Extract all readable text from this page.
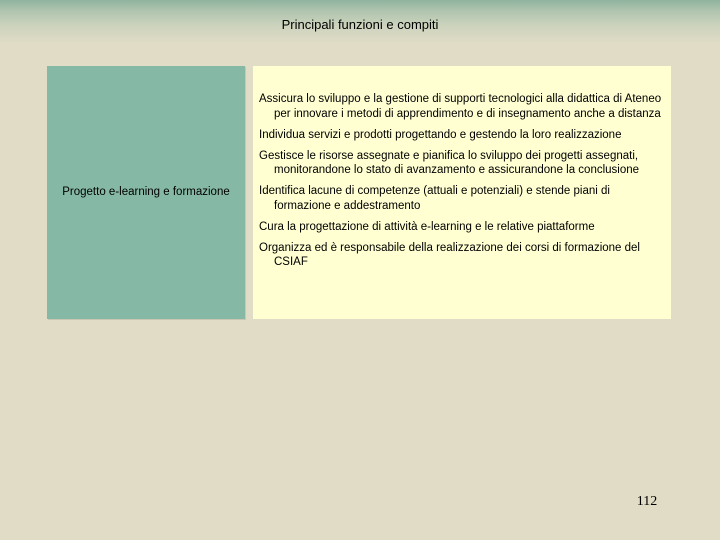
Principali funzioni e compiti
Progetto e-learning e formazione
Assicura lo sviluppo e la gestione di supporti tecnologici alla didattica di Ateneo per innovare i metodi di apprendimento e di insegnamento anche a distanza
Individua servizi e prodotti progettando e gestendo la loro realizzazione
Gestisce le risorse assegnate e pianifica lo sviluppo dei progetti assegnati, monitorandone lo stato di avanzamento e assicurandone la conclusione
Identifica lacune di competenze (attuali e potenziali) e stende piani di formazione e addestramento
Cura la progettazione di attività e-learning e le relative piattaforme
Organizza ed è responsabile della realizzazione dei corsi di formazione del CSIAF
112
